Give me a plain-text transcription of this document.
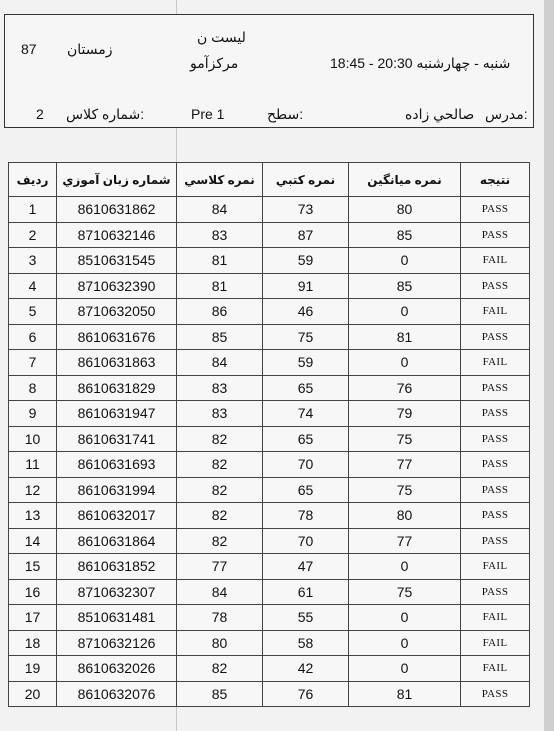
لیست ن
87 زمستان
مرکزآمو	شنبه - چهارشنبه 20:30 - 18:45
2 شماره کلاس:	Pre 1	سطح:	صالحي زاده مدرس:
رديف	شماره زبان آموزي	نمره کلاسي	نمره کتبي	نمره میانگین	نتیجه
1	8610631862	84	73	80	PASS
2	8710632146	83	87	85	PASS
3	8510631545	81	59	0	FAIL
4	8710632390	81	91	85	PASS
5	8710632050	86	46	0	FAIL
6	8610631676	85	75	81	PASS
7	8610631863	84	59	0	FAIL
8	8610631829	83	65	76	PASS
9	8610631947	83	74	79	PASS
10	8610631741	82	65	75	PASS
11	8610631693	82	70	77	PASS
12	8610631994	82	65	75	PASS
13	8610632017	82	78	80	PASS
14	8610631864	82	70	77	PASS
15	8610631852	77	47	0	FAIL
16	8710632307	84	61	75	PASS
17	8510631481	78	55	0	FAIL
18	8710632126	80	58	0	FAIL
19	8610632026	82	42	0	FAIL
20	8610632076	85	76	81	PASS
